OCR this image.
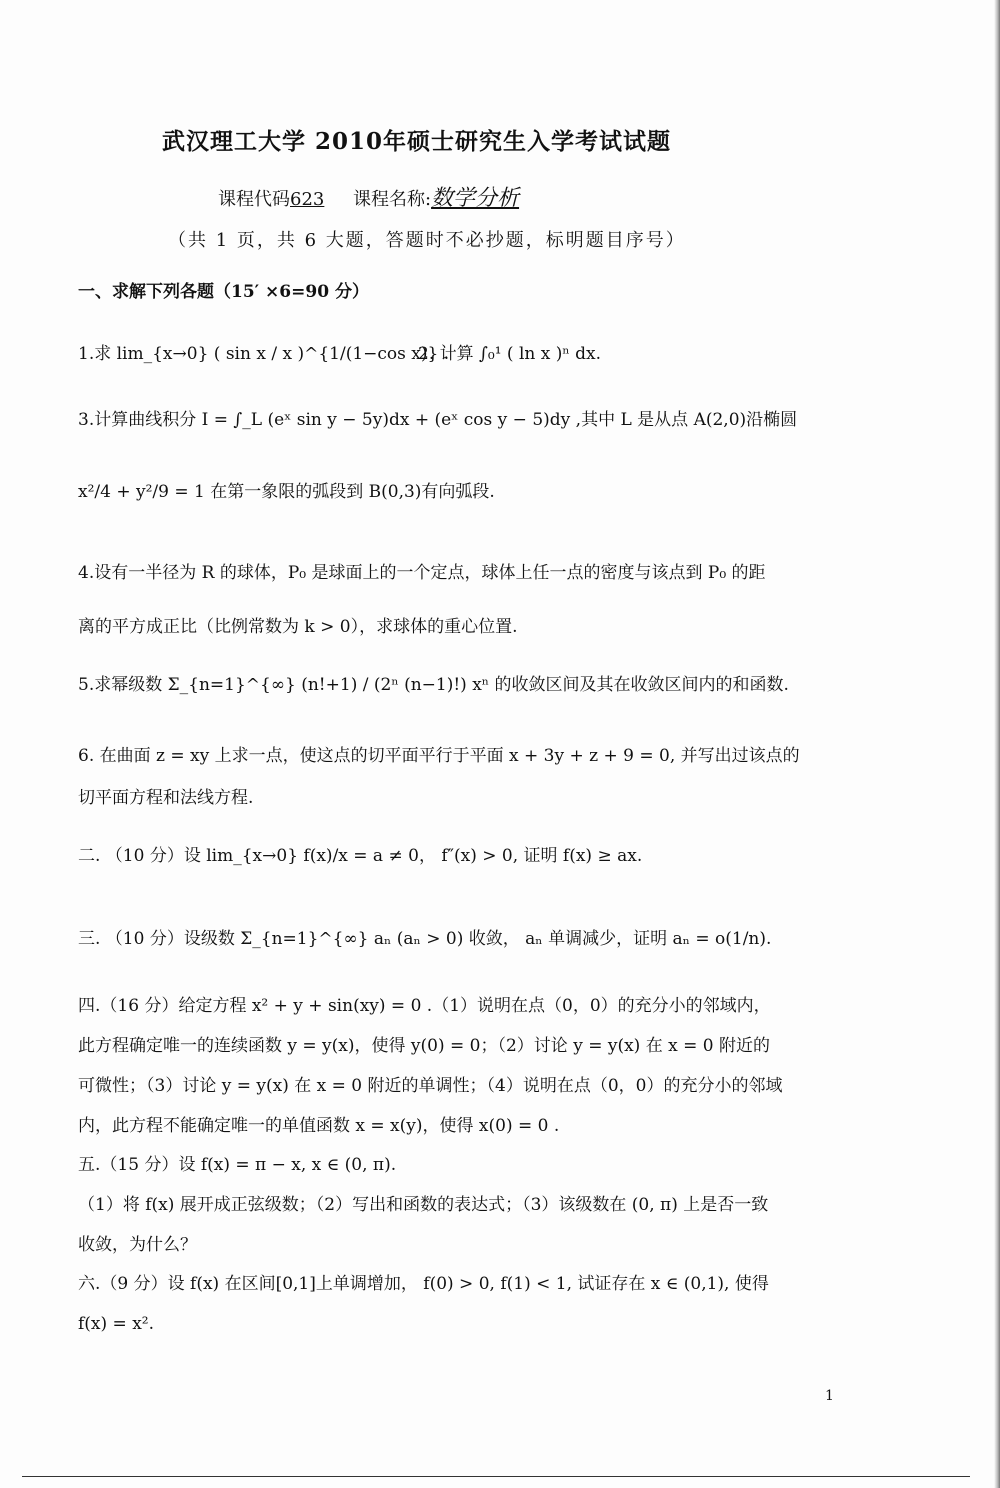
武汉理工大学 2010年硕士研究生入学考试试题
课程代码623 课程名称:数学分析
（共 1 页，共 6 大题，答题时不必抄题，标明题目序号）
一、求解下列各题（15′ ×6=90 分）
1.求 lim_{x→0} ( sin x / x )^{1/(1−cos x)} .
2. 计算 ∫₀¹ ( ln x )ⁿ dx.
3.计算曲线积分 I = ∫_L (eˣ sin y − 5y)dx + (eˣ cos y − 5)dy ,其中 L 是从点 A(2,0)沿椭圆
x²/4 + y²/9 = 1 在第一象限的弧段到 B(0,3)有向弧段.
4.设有一半径为 R 的球体，P₀ 是球面上的一个定点，球体上任一点的密度与该点到 P₀ 的距
离的平方成正比（比例常数为 k > 0），求球体的重心位置.
5.求幂级数 Σ_{n=1}^{∞} (n!+1) / (2ⁿ (n−1)!) xⁿ 的收敛区间及其在收敛区间内的和函数.
6. 在曲面 z = xy 上求一点，使这点的切平面平行于平面 x + 3y + z + 9 = 0, 并写出过该点的
切平面方程和法线方程.
二. （10 分）设 lim_{x→0} f(x)/x = a ≠ 0， f″(x) > 0, 证明 f(x) ≥ ax.
三. （10 分）设级数 Σ_{n=1}^{∞} aₙ (aₙ > 0) 收敛， aₙ 单调减少，证明 aₙ = o(1/n).
四.（16 分）给定方程 x² + y + sin(xy) = 0 .（1）说明在点（0，0）的充分小的邻域内，
此方程确定唯一的连续函数 y = y(x)，使得 y(0) = 0；（2）讨论 y = y(x) 在 x = 0 附近的
可微性；（3）讨论 y = y(x) 在 x = 0 附近的单调性；（4）说明在点（0，0）的充分小的邻域
内，此方程不能确定唯一的单值函数 x = x(y)，使得 x(0) = 0 .
五.（15 分）设 f(x) = π − x, x ∈ (0, π).
（1）将 f(x) 展开成正弦级数；（2）写出和函数的表达式；（3）该级数在 (0, π) 上是否一致
收敛，为什么？
六.（9 分）设 f(x) 在区间[0,1]上单调增加， f(0) > 0, f(1) < 1, 试证存在 x ∈ (0,1), 使得
f(x) = x².
1
